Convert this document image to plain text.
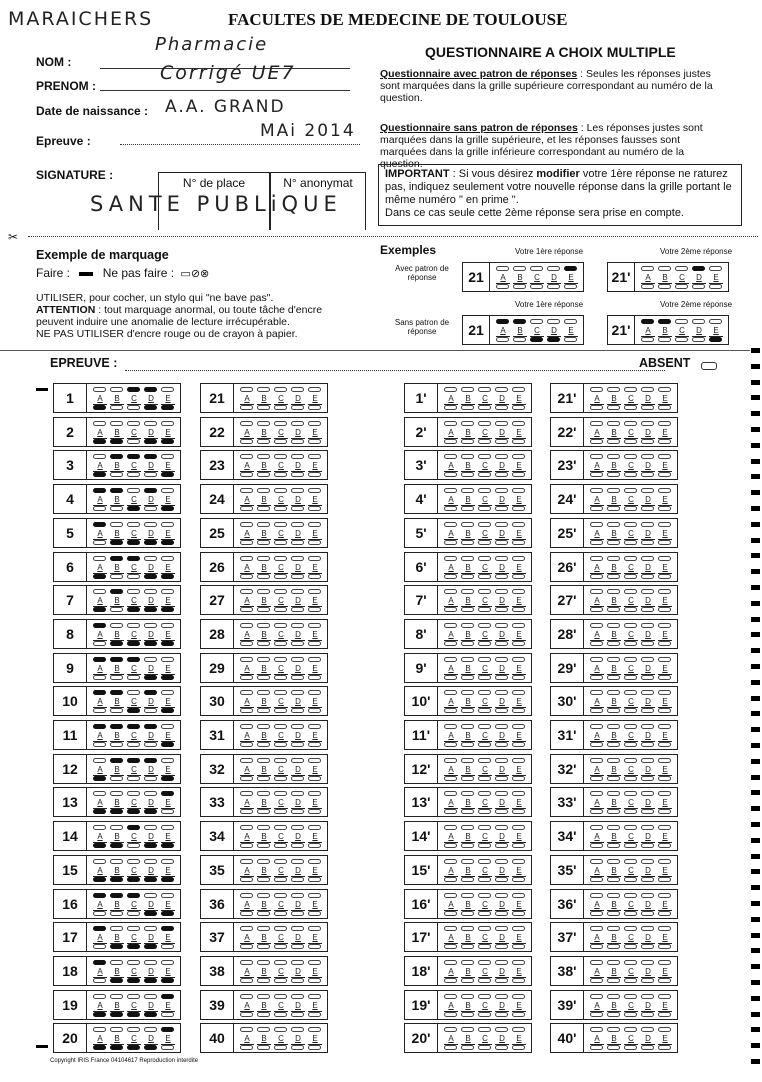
MARAICHERS	FACULTES DE MEDECINE DE TOULOUSE
NOM :
Pharmacie
PRENOM :
Corrigé UE7
Date de naissance : A.A. GRAND
Epreuve :	MAi 2014
SIGNATURE :
N° de place	N° anonymat
SANTE PUBLiQUE
QUESTIONNAIRE A CHOIX MULTIPLE
Questionnaire avec patron de réponses : Seules les réponses justes sont marquées dans la grille supérieure correspondant au numéro de la question.
Questionnaire sans patron de réponses : Les réponses justes sont marquées dans la grille supérieure, et les réponses fausses sont marquées dans la grille inférieure correspondant au numéro de la question.
IMPORTANT : Si vous désirez modifier votre 1ère réponse ne raturez pas, indiquez seulement votre nouvelle réponse dans la grille portant le même numéro " en prime ".
Dans ce cas seule cette 2ème réponse sera prise en compte.
✂
Exemple de marquage
Faire :	Ne pas faire : ▭⊘⊗
UTILISER, pour cocher, un stylo qui "ne bave pas".
ATTENTION : tout marquage anormal, ou toute tâche d'encre
peuvent induire une anomalie de lecture irrécupérable.
NE PAS UTILISER d'encre rouge ou de crayon à papier.
Exemples	Votre 1ère réponse	Votre 2ème réponse
Avec patron de réponse
Votre 1ère réponse	Votre 2ème réponse
Sans patron de réponse
21	A	B	C	D	E	21'	A	B	C	D	E
21	A	B	C	D	E	21'	A	B	C	D	E
EPREUVE :	ABSENT
1	A	B	C	D	E	21	A	B	C	D	E	1'	A	B	C	D	E	21'	A	B	C	D	E
2	A	B	C	D	E	22	A	B	C	D	E	2'	A	B	C	D	E	22'	A	B	C	D	E
3	A	B	C	D	E	23	A	B	C	D	E	3'	A	B	C	D	E	23'	A	B	C	D	E
4	A	B	C	D	E	24	A	B	C	D	E	4'	A	B	C	D	E	24'	A	B	C	D	E
5	A	B	C	D	E	25	A	B	C	D	E	5'	A	B	C	D	E	25'	A	B	C	D	E
6	A	B	C	D	E	26	A	B	C	D	E	6'	A	B	C	D	E	26'	A	B	C	D	E
7	A	B	C	D	E	27	A	B	C	D	E	7'	A	B	C	D	E	27'	A	B	C	D	E
8	A	B	C	D	E	28	A	B	C	D	E	8'	A	B	C	D	E	28'	A	B	C	D	E
9	A	B	C	D	E	29	A	B	C	D	E	9'	A	B	C	D	E	29'	A	B	C	D	E
10	A	B	C	D	E	30	A	B	C	D	E	10'	A	B	C	D	E	30'	A	B	C	D	E
11	A	B	C	D	E	31	A	B	C	D	E	11'	A	B	C	D	E	31'	A	B	C	D	E
12	A	B	C	D	E	32	A	B	C	D	E	12'	A	B	C	D	E	32'	A	B	C	D	E
13	A	B	C	D	E	33	A	B	C	D	E	13'	A	B	C	D	E	33'	A	B	C	D	E
14	A	B	C	D	E	34	A	B	C	D	E	14'	A	B	C	D	E	34'	A	B	C	D	E
15	A	B	C	D	E	35	A	B	C	D	E	15'	A	B	C	D	E	35'	A	B	C	D	E
16	A	B	C	D	E	36	A	B	C	D	E	16'	A	B	C	D	E	36'	A	B	C	D	E
17	A	B	C	D	E	37	A	B	C	D	E	17'	A	B	C	D	E	37'	A	B	C	D	E
18	A	B	C	D	E	38	A	B	C	D	E	18'	A	B	C	D	E	38'	A	B	C	D	E
19	A	B	C	D	E	39	A	B	C	D	E	19'	A	B	C	D	E	39'	A	B	C	D	E
20	A	B	C	D	E	40	A	B	C	D	E	20'	A	B	C	D	E	40'	A	B	C	D	E
Copyright IRIS France 04104617 Reproduction interdite
